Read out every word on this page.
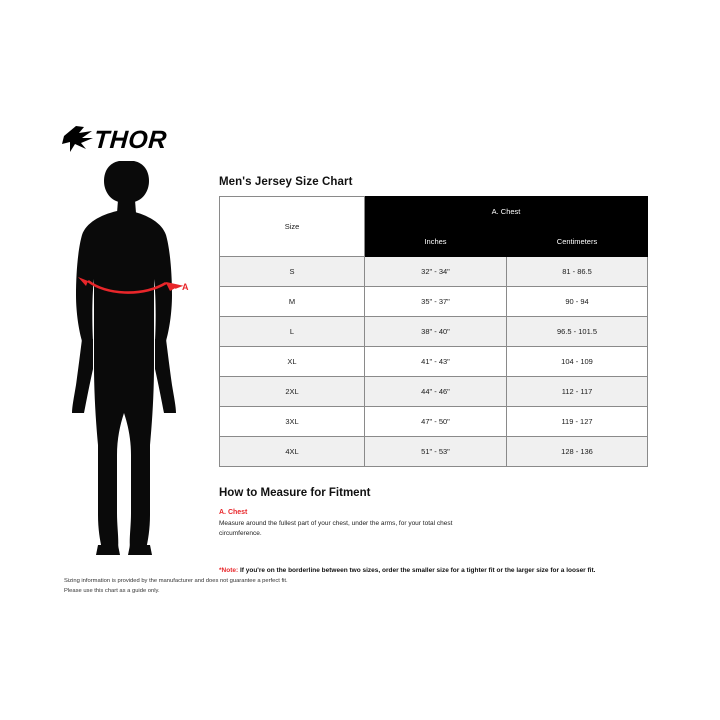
THOR
A
Men's Jersey Size Chart
Size	A. Chest	
	Inches	Centimeters
S	32" - 34"	81 - 86.5
M	35" - 37"	90 - 94
L	38" - 40"	96.5 - 101.5
XL	41" - 43"	104 - 109
2XL	44" - 46"	112 - 117
3XL	47" - 50"	119 - 127
4XL	51" - 53"	128 - 136
How to Measure for Fitment
A. Chest
Measure around the fullest part of your chest, under the arms, for your total chest circumference.
*Note: If you're on the borderline between two sizes, order the smaller size for a tighter fit or the larger size for a looser fit.
Sizing information is provided by the manufacturer and does not guarantee a perfect fit.
Please use this chart as a guide only.
